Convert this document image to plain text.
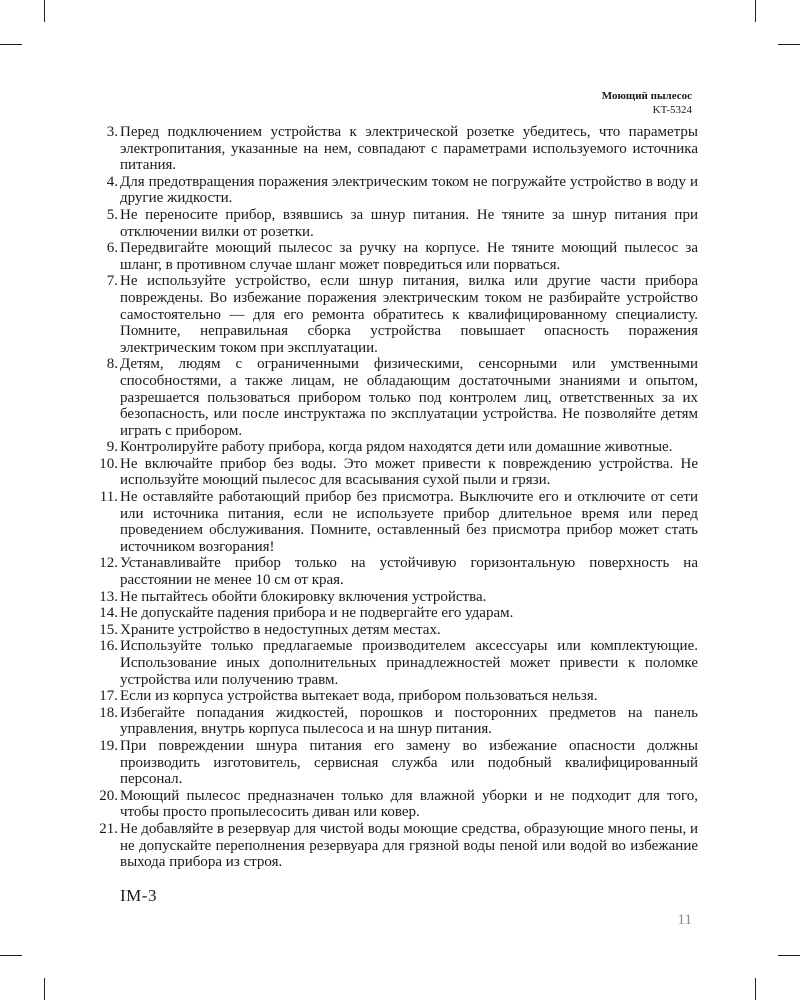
Моющий пылесос
KT-5324
3. Перед подключением устройства к электрической розетке убедитесь, что параметры электропитания, указанные на нем, совпадают с параметрами используемого источника питания.
4. Для предотвращения поражения электрическим током не погружайте устройство в воду и другие жидкости.
5. Не переносите прибор, взявшись за шнур питания. Не тяните за шнур питания при отключении вилки от розетки.
6. Передвигайте моющий пылесос за ручку на корпусе. Не тяните моющий пылесос за шланг, в противном случае шланг может повредиться или порваться.
7. Не используйте устройство, если шнур питания, вилка или другие части прибора повреждены. Во избежание поражения электрическим током не разбирайте устройство самостоятельно — для его ремонта обратитесь к квалифицированному специалисту. Помните, неправильная сборка устройства повышает опасность поражения электрическим током при эксплуатации.
8. Детям, людям с ограниченными физическими, сенсорными или умственными способностями, а также лицам, не обладающим достаточными знаниями и опытом, разрешается пользоваться прибором только под контролем лиц, ответственных за их безопасность, или после инструктажа по эксплуатации устройства. Не позволяйте детям играть с прибором.
9. Контролируйте работу прибора, когда рядом находятся дети или домашние животные.
10. Не включайте прибор без воды. Это может привести к повреждению устройства. Не используйте моющий пылесос для всасывания сухой пыли и грязи.
11. Не оставляйте работающий прибор без присмотра. Выключите его и отключите от сети или источника питания, если не используете прибор длительное время или перед проведением обслуживания. Помните, оставленный без присмотра прибор может стать источником возгорания!
12. Устанавливайте прибор только на устойчивую горизонтальную поверхность на расстоянии не менее 10 см от края.
13. Не пытайтесь обойти блокировку включения устройства.
14. Не допускайте падения прибора и не подвергайте его ударам.
15. Храните устройство в недоступных детям местах.
16. Используйте только предлагаемые производителем аксессуары или комплектующие. Использование иных дополнительных принадлежностей может привести к поломке устройства или получению травм.
17. Если из корпуса устройства вытекает вода, прибором пользоваться нельзя.
18. Избегайте попадания жидкостей, порошков и посторонних предметов на панель управления, внутрь корпуса пылесоса и на шнур питания.
19. При повреждении шнура питания его замену во избежание опасности должны производить изготовитель, сервисная служба или подобный квалифицированный персонал.
20. Моющий пылесос предназначен только для влажной уборки и не подходит для того, чтобы просто пропылесосить диван или ковер.
21. Не добавляйте в резервуар для чистой воды моющие средства, образующие много пены, и не допускайте переполнения резервуара для грязной воды пеной или водой во избежание выхода прибора из строя.
IM-3
11
